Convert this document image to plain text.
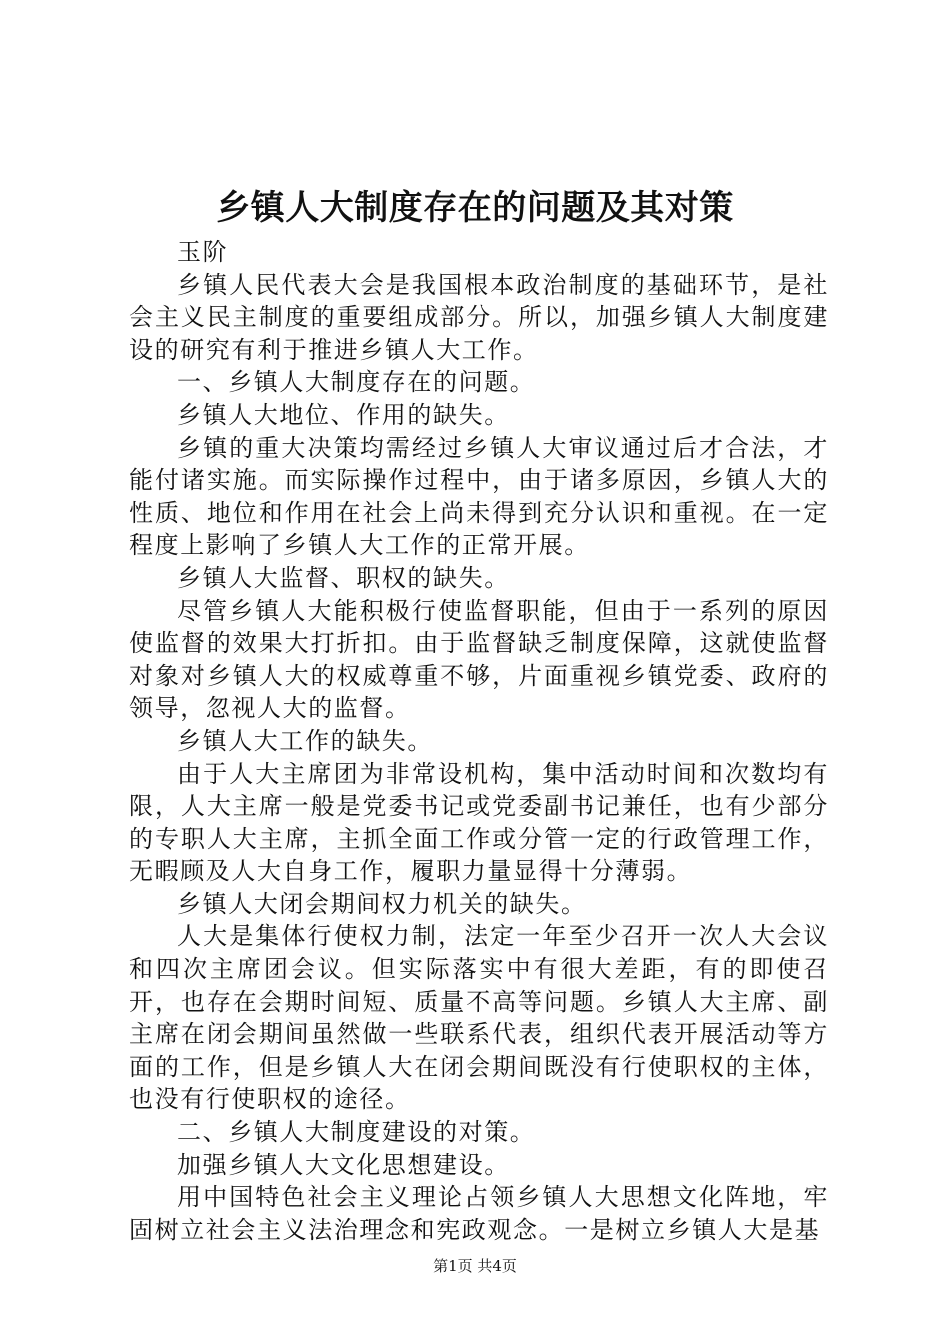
乡镇人大制度存在的问题及其对策

玉阶

乡镇人民代表大会是我国根本政治制度的基础环节，是社会主义民主制度的重要组成部分。所以，加强乡镇人大制度建设的研究有利于推进乡镇人大工作。

一、乡镇人大制度存在的问题。

乡镇人大地位、作用的缺失。

乡镇的重大决策均需经过乡镇人大审议通过后才合法，才能付诸实施。而实际操作过程中，由于诸多原因，乡镇人大的性质、地位和作用在社会上尚未得到充分认识和重视。在一定程度上影响了乡镇人大工作的正常开展。

乡镇人大监督、职权的缺失。

尽管乡镇人大能积极行使监督职能，但由于一系列的原因使监督的效果大打折扣。由于监督缺乏制度保障，这就使监督对象对乡镇人大的权威尊重不够，片面重视乡镇党委、政府的领导，忽视人大的监督。

乡镇人大工作的缺失。

由于人大主席团为非常设机构，集中活动时间和次数均有限，人大主席一般是党委书记或党委副书记兼任，也有少部分的专职人大主席，主抓全面工作或分管一定的行政管理工作，无暇顾及人大自身工作，履职力量显得十分薄弱。

乡镇人大闭会期间权力机关的缺失。

人大是集体行使权力制，法定一年至少召开一次人大会议和四次主席团会议。但实际落实中有很大差距，有的即使召开，也存在会期时间短、质量不高等问题。乡镇人大主席、副主席在闭会期间虽然做一些联系代表，组织代表开展活动等方面的工作，但是乡镇人大在闭会期间既没有行使职权的主体，也没有行使职权的途径。

二、乡镇人大制度建设的对策。

加强乡镇人大文化思想建设。

用中国特色社会主义理论占领乡镇人大思想文化阵地，牢固树立社会主义法治理念和宪政观念。一是树立乡镇人大是基

第1页 共4页
